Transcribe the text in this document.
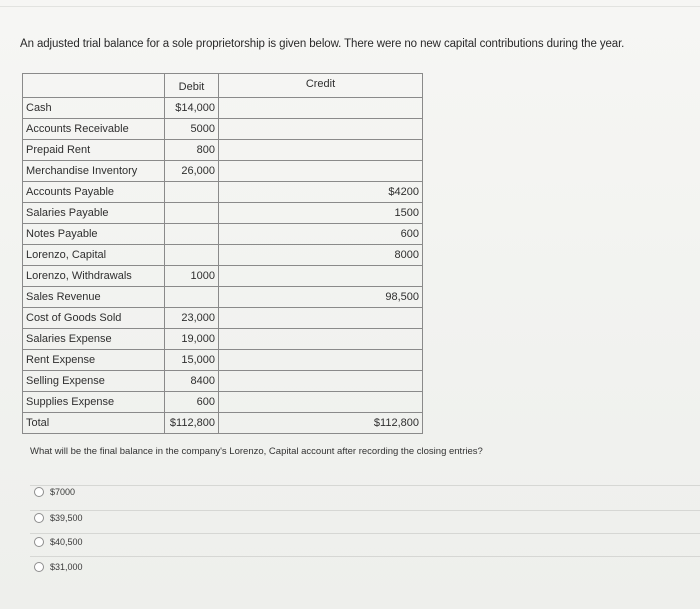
An adjusted trial balance for a sole proprietorship is given below. There were no new capital contributions during the year.
	Debit	Credit
Cash	$14,000	
Accounts Receivable	5000	
Prepaid Rent	800	
Merchandise Inventory	26,000	
Accounts Payable		$4200
Salaries Payable		1500
Notes Payable		600
Lorenzo, Capital		8000
Lorenzo, Withdrawals	1000	
Sales Revenue		98,500
Cost of Goods Sold	23,000	
Salaries Expense	19,000	
Rent Expense	15,000	
Selling Expense	8400	
Supplies Expense	600	
Total	$112,800	$112,800
What will be the final balance in the company's Lorenzo, Capital account after recording the closing entries?
$7000
$39,500
$40,500
$31,000
